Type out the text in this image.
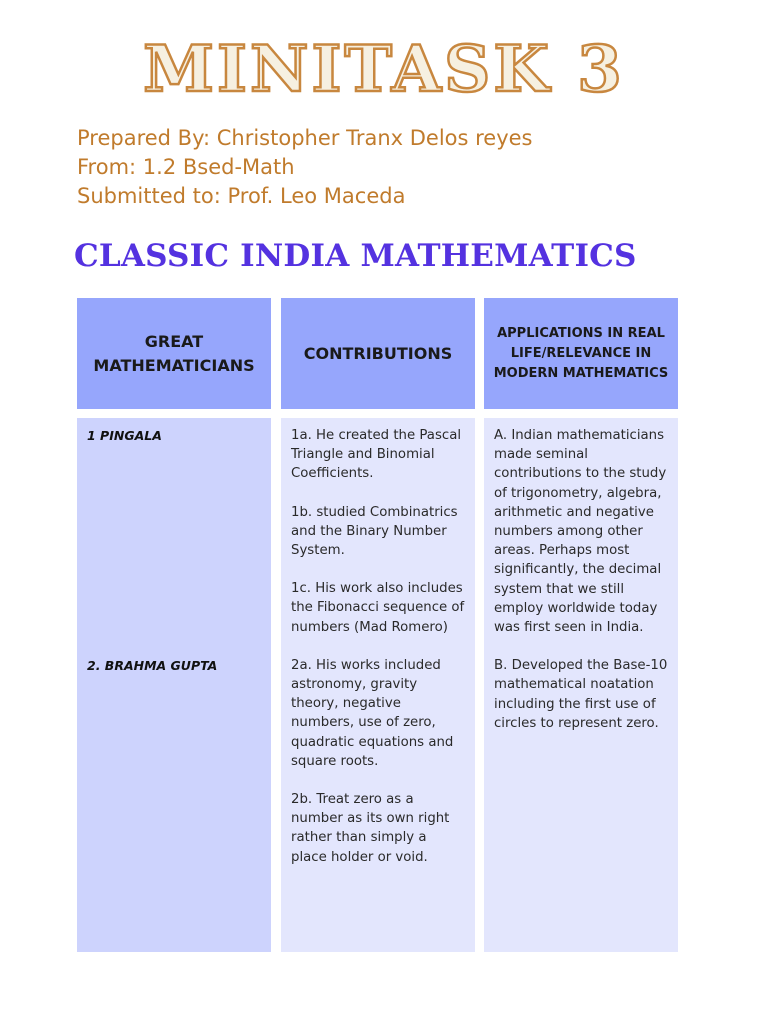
MINITASK 3
Prepared By: Christopher Tranx Delos reyes
From: 1.2 Bsed-Math
Submitted to: Prof. Leo Maceda
CLASSIC INDIA MATHEMATICS
GREAT MATHEMATICIANS
1 PINGALA
2. BRAHMA GUPTA
CONTRIBUTIONS

1a. He created the Pascal Triangle and Binomial Coefficients.

1b. studied Combinatrics and the Binary Number System.

1c. His work also includes the Fibonacci sequence of numbers (Mad Romero)

2a. His works included astronomy, gravity theory, negative numbers, use of zero, quadratic equations and square roots.

2b. Treat zero as a number as its own right rather than simply a place holder or void.

APPLICATIONS IN REAL LIFE/RELEVANCE IN MODERN MATHEMATICS

A. Indian mathematicians made seminal contributions to the study of trigonometry, algebra, arithmetic and negative numbers among other areas. Perhaps most significantly, the decimal system that we still employ worldwide today was first seen in India.

B. Developed the Base-10 mathematical noatation including the first use of circles to represent zero.
